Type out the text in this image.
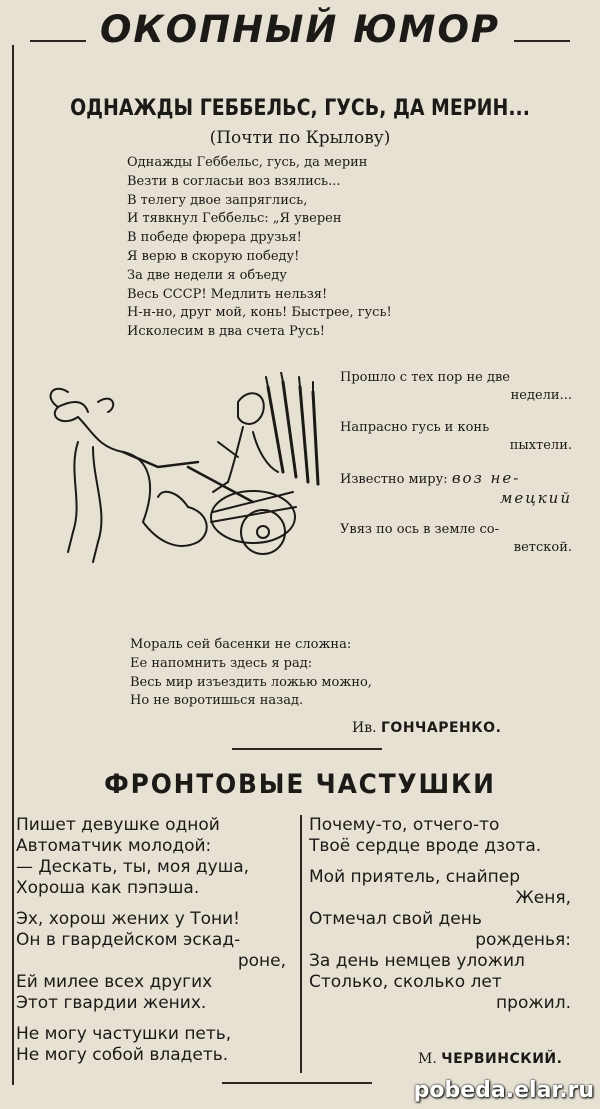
ОКОПНЫЙ ЮМОР
ОДНАЖДЫ ГЕББЕЛЬС, ГУСЬ, ДА МЕРИН...
(Почти по Крылову)
Однажды Геббельс, гусь, да мерин
Везти в согласьи воз взялись...
В телегу двое запряглись,
И тявкнул Геббельс: „Я уверен
В победе фюрера друзья!
Я верю в скорую победу!
За две недели я объеду
Весь СССР! Медлить нельзя!
Н-н-но, друг мой, конь! Быстрее, гусь!
Исколесим в два счета Русь!
Прошло с тех пор не две
недели...
Напрасно гусь и конь
пыхтели.
Известно миру: воз не-
мецкий
Увяз по ось в земле со-
ветской.
Мораль сей басенки не сложна:
Ее напомнить здесь я рад:
Весь мир изъездить ложью можно,
Но не воротишься назад.
Ив. ГОНЧАРЕНКО.
ФРОНТОВЫЕ ЧАСТУШКИ
Пишет девушке одной
Автоматчик молодой:
— Дескать, ты, моя душа,
Хороша как пэпэша.
Эх, хорош жених у Тони!
Он в гвардейском эскад-
роне,
Ей милее всех других
Этот гвардии жених.
Не могу частушки петь,
Не могу собой владеть.
Почему-то, отчего-то
Твоё сердце вроде дзота.
Мой приятель, снайпер
Женя,
Отмечал свой день
рожденья:
За день немцев уложил
Столько, сколько лет
прожил.
М. ЧЕРВИНСКИЙ.
pobeda.elar.ru
